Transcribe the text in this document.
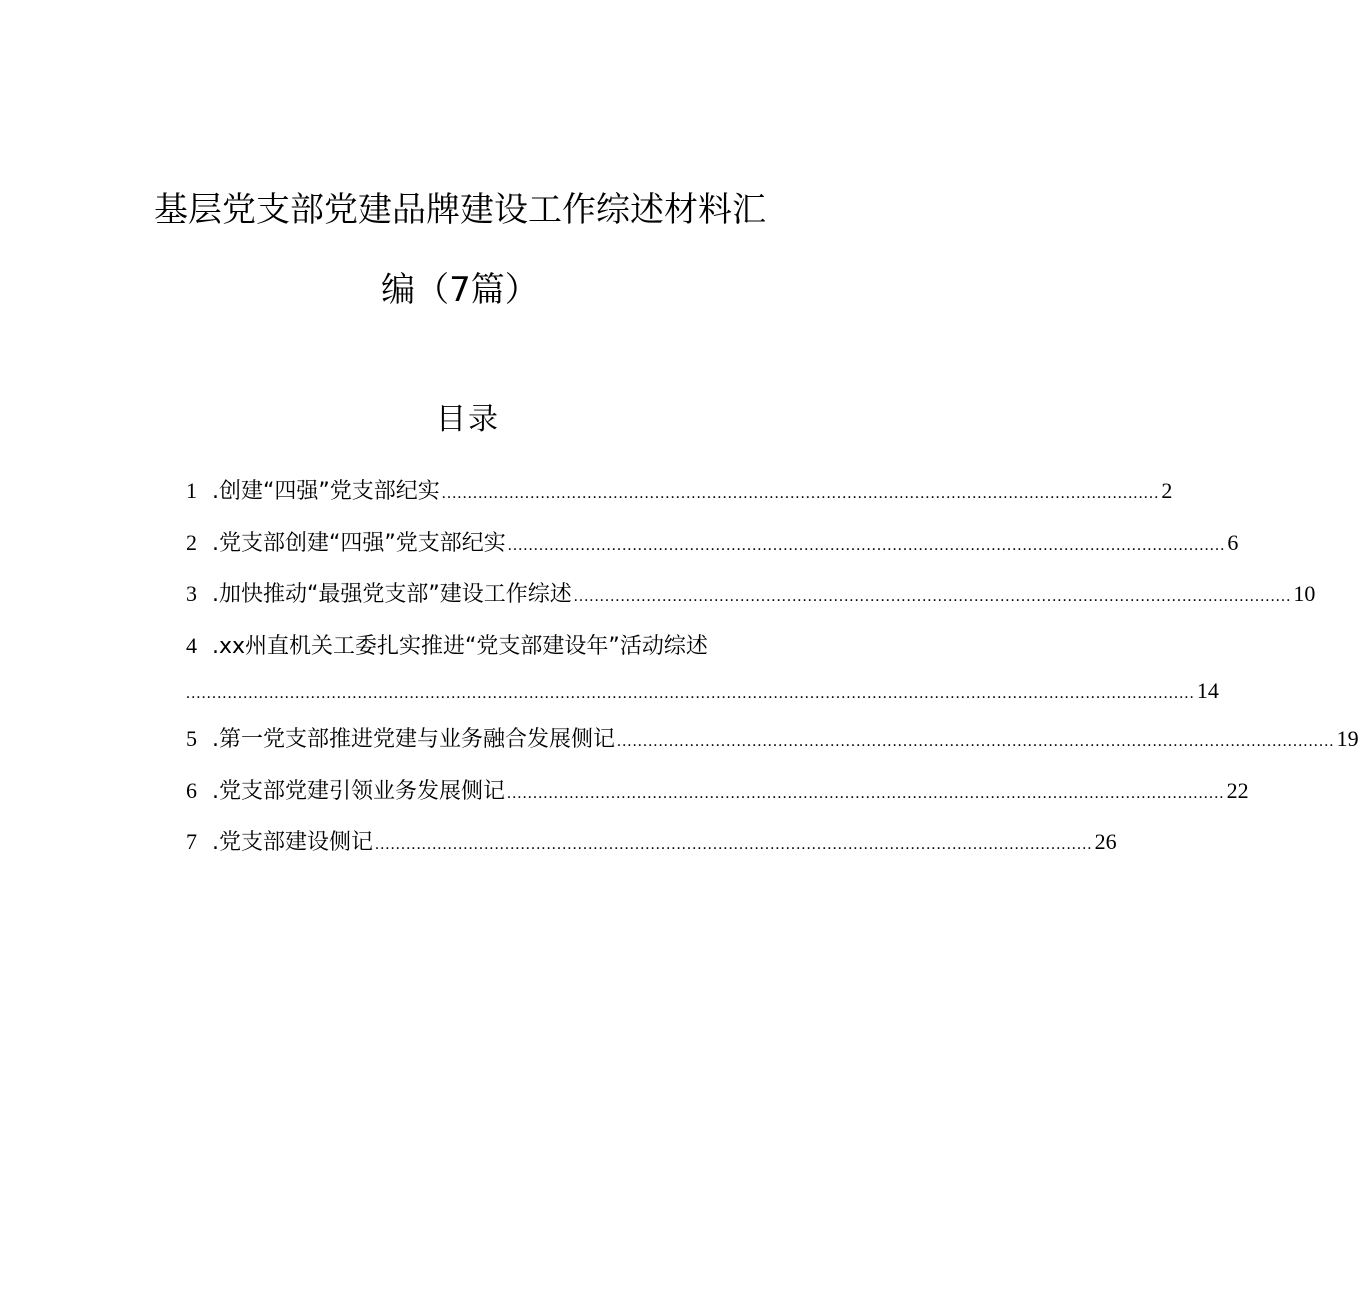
基层党支部党建品牌建设工作综述材料汇
编（7篇）
目录
1 .创建“四强”党支部纪实 .......................................................................................................................................... 2
2 .党支部创建“四强”党支部纪实 .......................................................................................................................................... 6
3 .加快推动“最强党支部”建设工作综述 .......................................................................................................................................... 10
4 .xx州直机关工委扎实推进“党支部建设年”活动综述
.................................................................................................................................................................................................. 14
5 .第一党支部推进党建与业务融合发展侧记 .......................................................................................................................................... 19
6 .党支部党建引领业务发展侧记 .......................................................................................................................................... 22
7 .党支部建设侧记 .......................................................................................................................................... 26
